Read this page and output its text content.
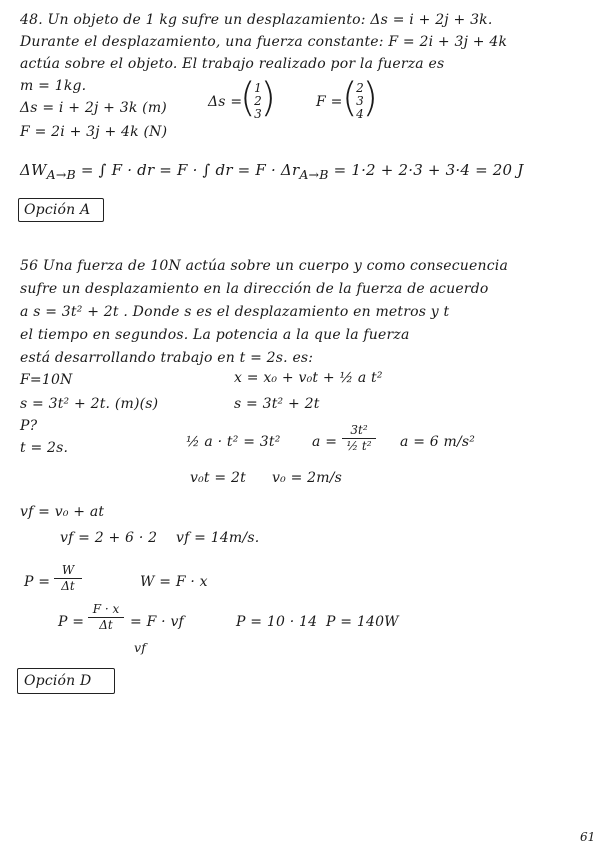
48. Un objeto de 1 kg sufre un desplazamiento: Δs = i + 2j + 3k.
Durante el desplazamiento, una fuerza constante: F = 2i + 3j + 4k
actúa sobre el objeto. El trabajo realizado por la fuerza es
m = 1kg.
Δs = i + 2j + 3k (m)
F = 2i + 3j + 4k (N)
Δs =
(
1
2
3
)	F = (
2
3
4
)
$\Delta W_{A\to B}$ = ∫ F · dr = F · ∫ dr = $F \cdot \Delta r_{A\to B} = 1\cdot 2 + 2\cdot 3 + 3\cdot 4 = 20$ J
Opción A
56 Una fuerza de 10N actúa sobre un cuerpo y como consecuencia
sufre un desplazamiento en la dirección de la fuerza de acuerdo
a s = 3t² + 2t . Donde s es el desplazamiento en metros y t
el tiempo en segundos. La potencia a la que la fuerza
está desarrollando trabajo en t = 2s. es:
F=10N
s = 3t² + 2t. (m)(s)
P?
t = 2s.
x = x₀ + v₀t + ½ a t²
s = 3t² + 2t
½ a · t² = 3t² a =
3t²
½ t²	a = 6 m/s²
v₀t = 2t v₀ = 2m/s
vf = v₀ + at
vf = 2 + 6 · 2 vf = 14m/s.
P =
W
Δt	W = F · x
P =
F · x
Δt	= F · vf
vf
P = 10 · 14 P = 140W
Opción D
61
